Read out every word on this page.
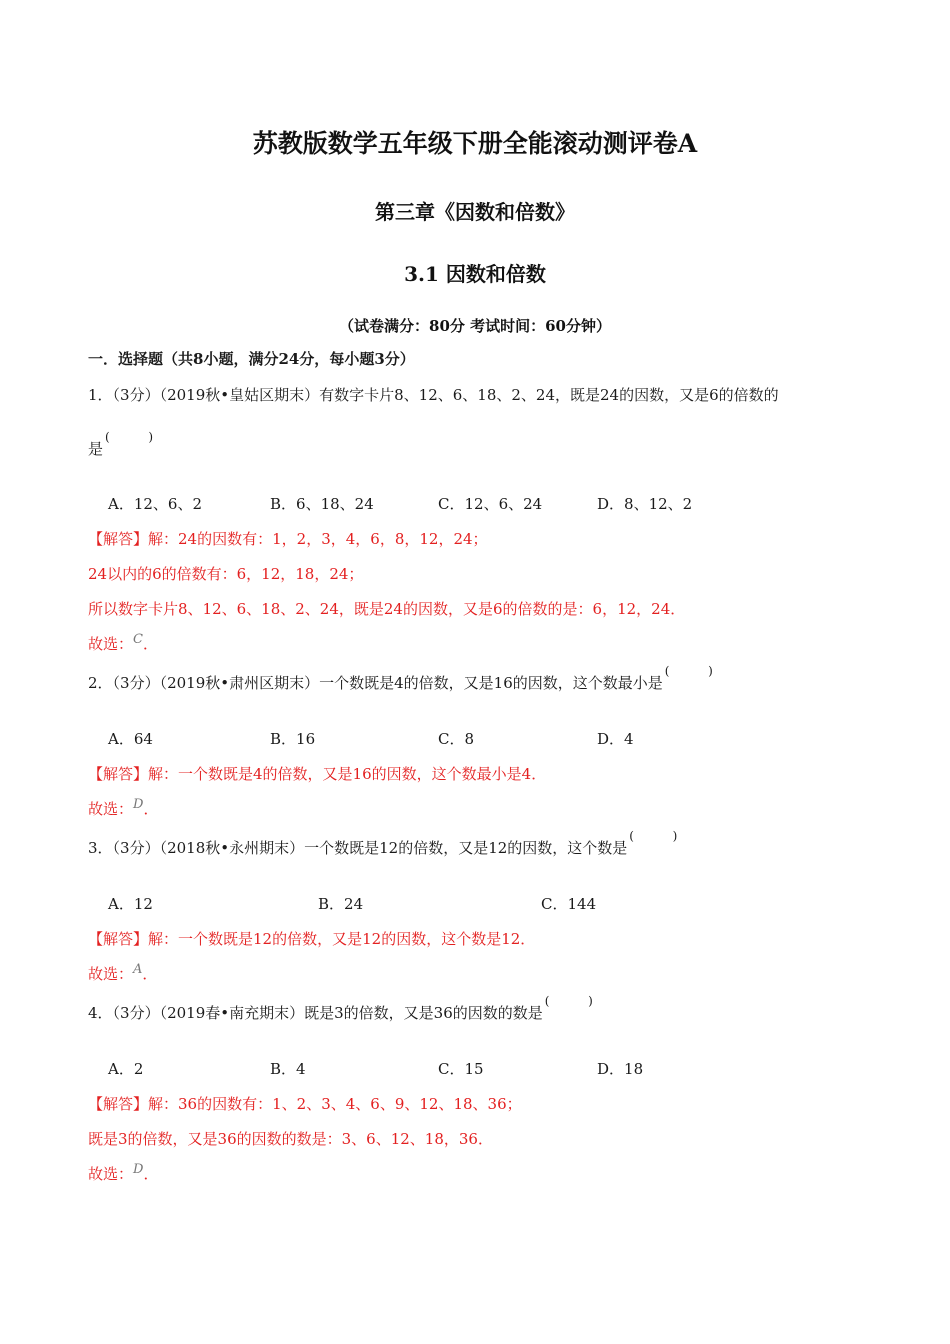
苏教版数学五年级下册全能滚动测评卷A
第三章《因数和倍数》
3.1 因数和倍数
（试卷满分：80分 考试时间：60分钟）
一．选择题（共8小题，满分24分，每小题3分）
1．（3分）（2019秋•皇姑区期末）有数字卡片8、12、6、18、2、24，既是24的因数，又是6的倍数的
是
(	)
A．12、6、2	B．6、18、24	C．12、6、24	D．8、12、2
【解答】解：24的因数有：1，2，3，4，6，8，12，24；
24以内的6的倍数有：6，12，18，24；
所以数字卡片8、12、6、18、2、24，既是24的因数，又是6的倍数的是：6，12，24．
故选：C．
2．（3分）（2019秋•肃州区期末）一个数既是4的倍数，又是16的因数，这个数最小是
(	)
A．64	B．16	C．8	D．4
【解答】解：一个数既是4的倍数，又是16的因数，这个数最小是4．
故选：D．
3．（3分）（2018秋•永州期末）一个数既是12的倍数，又是12的因数，这个数是
(	)
A．12	B．24	C．144
【解答】解：一个数既是12的倍数，又是12的因数，这个数是12．
故选：A．
4．（3分）（2019春•南充期末）既是3的倍数，又是36的因数的数是
(	)
A．2	B．4	C．15	D．18
【解答】解：36的因数有：1、2、3、4、6、9、12、18、36；
既是3的倍数，又是36的因数的数是：3、6、12、18，36．
故选：D．
